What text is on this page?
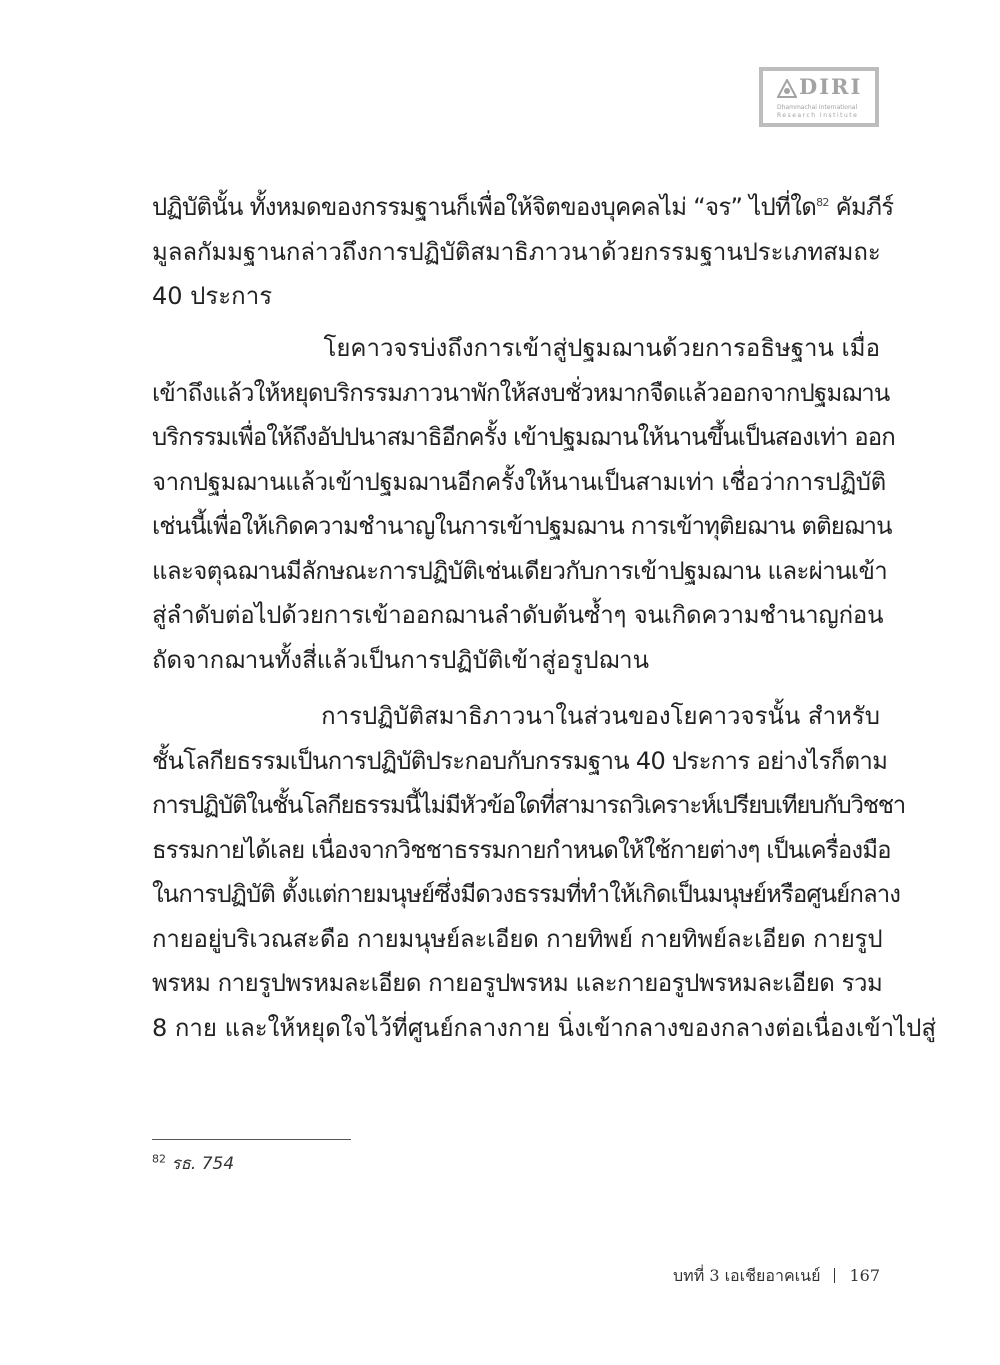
DIRI
Dhammachai International
Research Institute
ปฏิบัตินั้น ทั้งหมดของกรรมฐานก็เพื่อให้จิตของบุคคลไม่ “จร” ไปที่ใด$^{82}$ คัมภีร์
มูลลกัมมฐานกล่าวถึงการปฏิบัติสมาธิภาวนาด้วยกรรมฐานประเภทสมถะ
40 ประการ
โยคาวจรบ่งถึงการเข้าสู่ปฐมฌานด้วยการอธิษฐาน เมื่อ
เข้าถึงแล้วให้หยุดบริกรรมภาวนาพักให้สงบชั่วหมากจืดแล้วออกจากปฐมฌาน
บริกรรมเพื่อให้ถึงอัปปนาสมาธิอีกครั้ง เข้าปฐมฌานให้นานขึ้นเป็นสองเท่า ออก
จากปฐมฌานแล้วเข้าปฐมฌานอีกครั้งให้นานเป็นสามเท่า เชื่อว่าการปฏิบัติ
เช่นนี้เพื่อให้เกิดความชำนาญในการเข้าปฐมฌาน การเข้าทุติยฌาน ตติยฌาน
และจตุฉฌานมีลักษณะการปฏิบัติเช่นเดียวกับการเข้าปฐมฌาน และผ่านเข้า
สู่ลำดับต่อไปด้วยการเข้าออกฌานลำดับต้นซ้ำๆ จนเกิดความชำนาญก่อน
ถัดจากฌานทั้งสี่แล้วเป็นการปฏิบัติเข้าสู่อรูปฌาน
การปฏิบัติสมาธิภาวนาในส่วนของโยคาวจรนั้น สำหรับ
ชั้นโลกียธรรมเป็นการปฏิบัติประกอบกับกรรมฐาน 40 ประการ อย่างไรก็ตาม
การปฏิบัติในชั้นโลกียธรรมนี้ไม่มีหัวข้อใดที่สามารถวิเคราะห์เปรียบเทียบกับวิชชา
ธรรมกายได้เลย เนื่องจากวิชชาธรรมกายกำหนดให้ใช้กายต่างๆ เป็นเครื่องมือ
ในการปฏิบัติ ตั้งแต่กายมนุษย์ซึ่งมีดวงธรรมที่ทำให้เกิดเป็นมนุษย์หรือศูนย์กลาง
กายอยู่บริเวณสะดือ กายมนุษย์ละเอียด กายทิพย์ กายทิพย์ละเอียด กายรูป
พรหม กายรูปพรหมละเอียด กายอรูปพรหม และกายอรูปพรหมละเอียด รวม
8 กาย และให้หยุดใจไว้ที่ศูนย์กลางกาย นิ่งเข้ากลางของกลางต่อเนื่องเข้าไปสู่
$^{82}$ รธ. 754
บทที่ 3 เอเชียอาคเนย์ 167
